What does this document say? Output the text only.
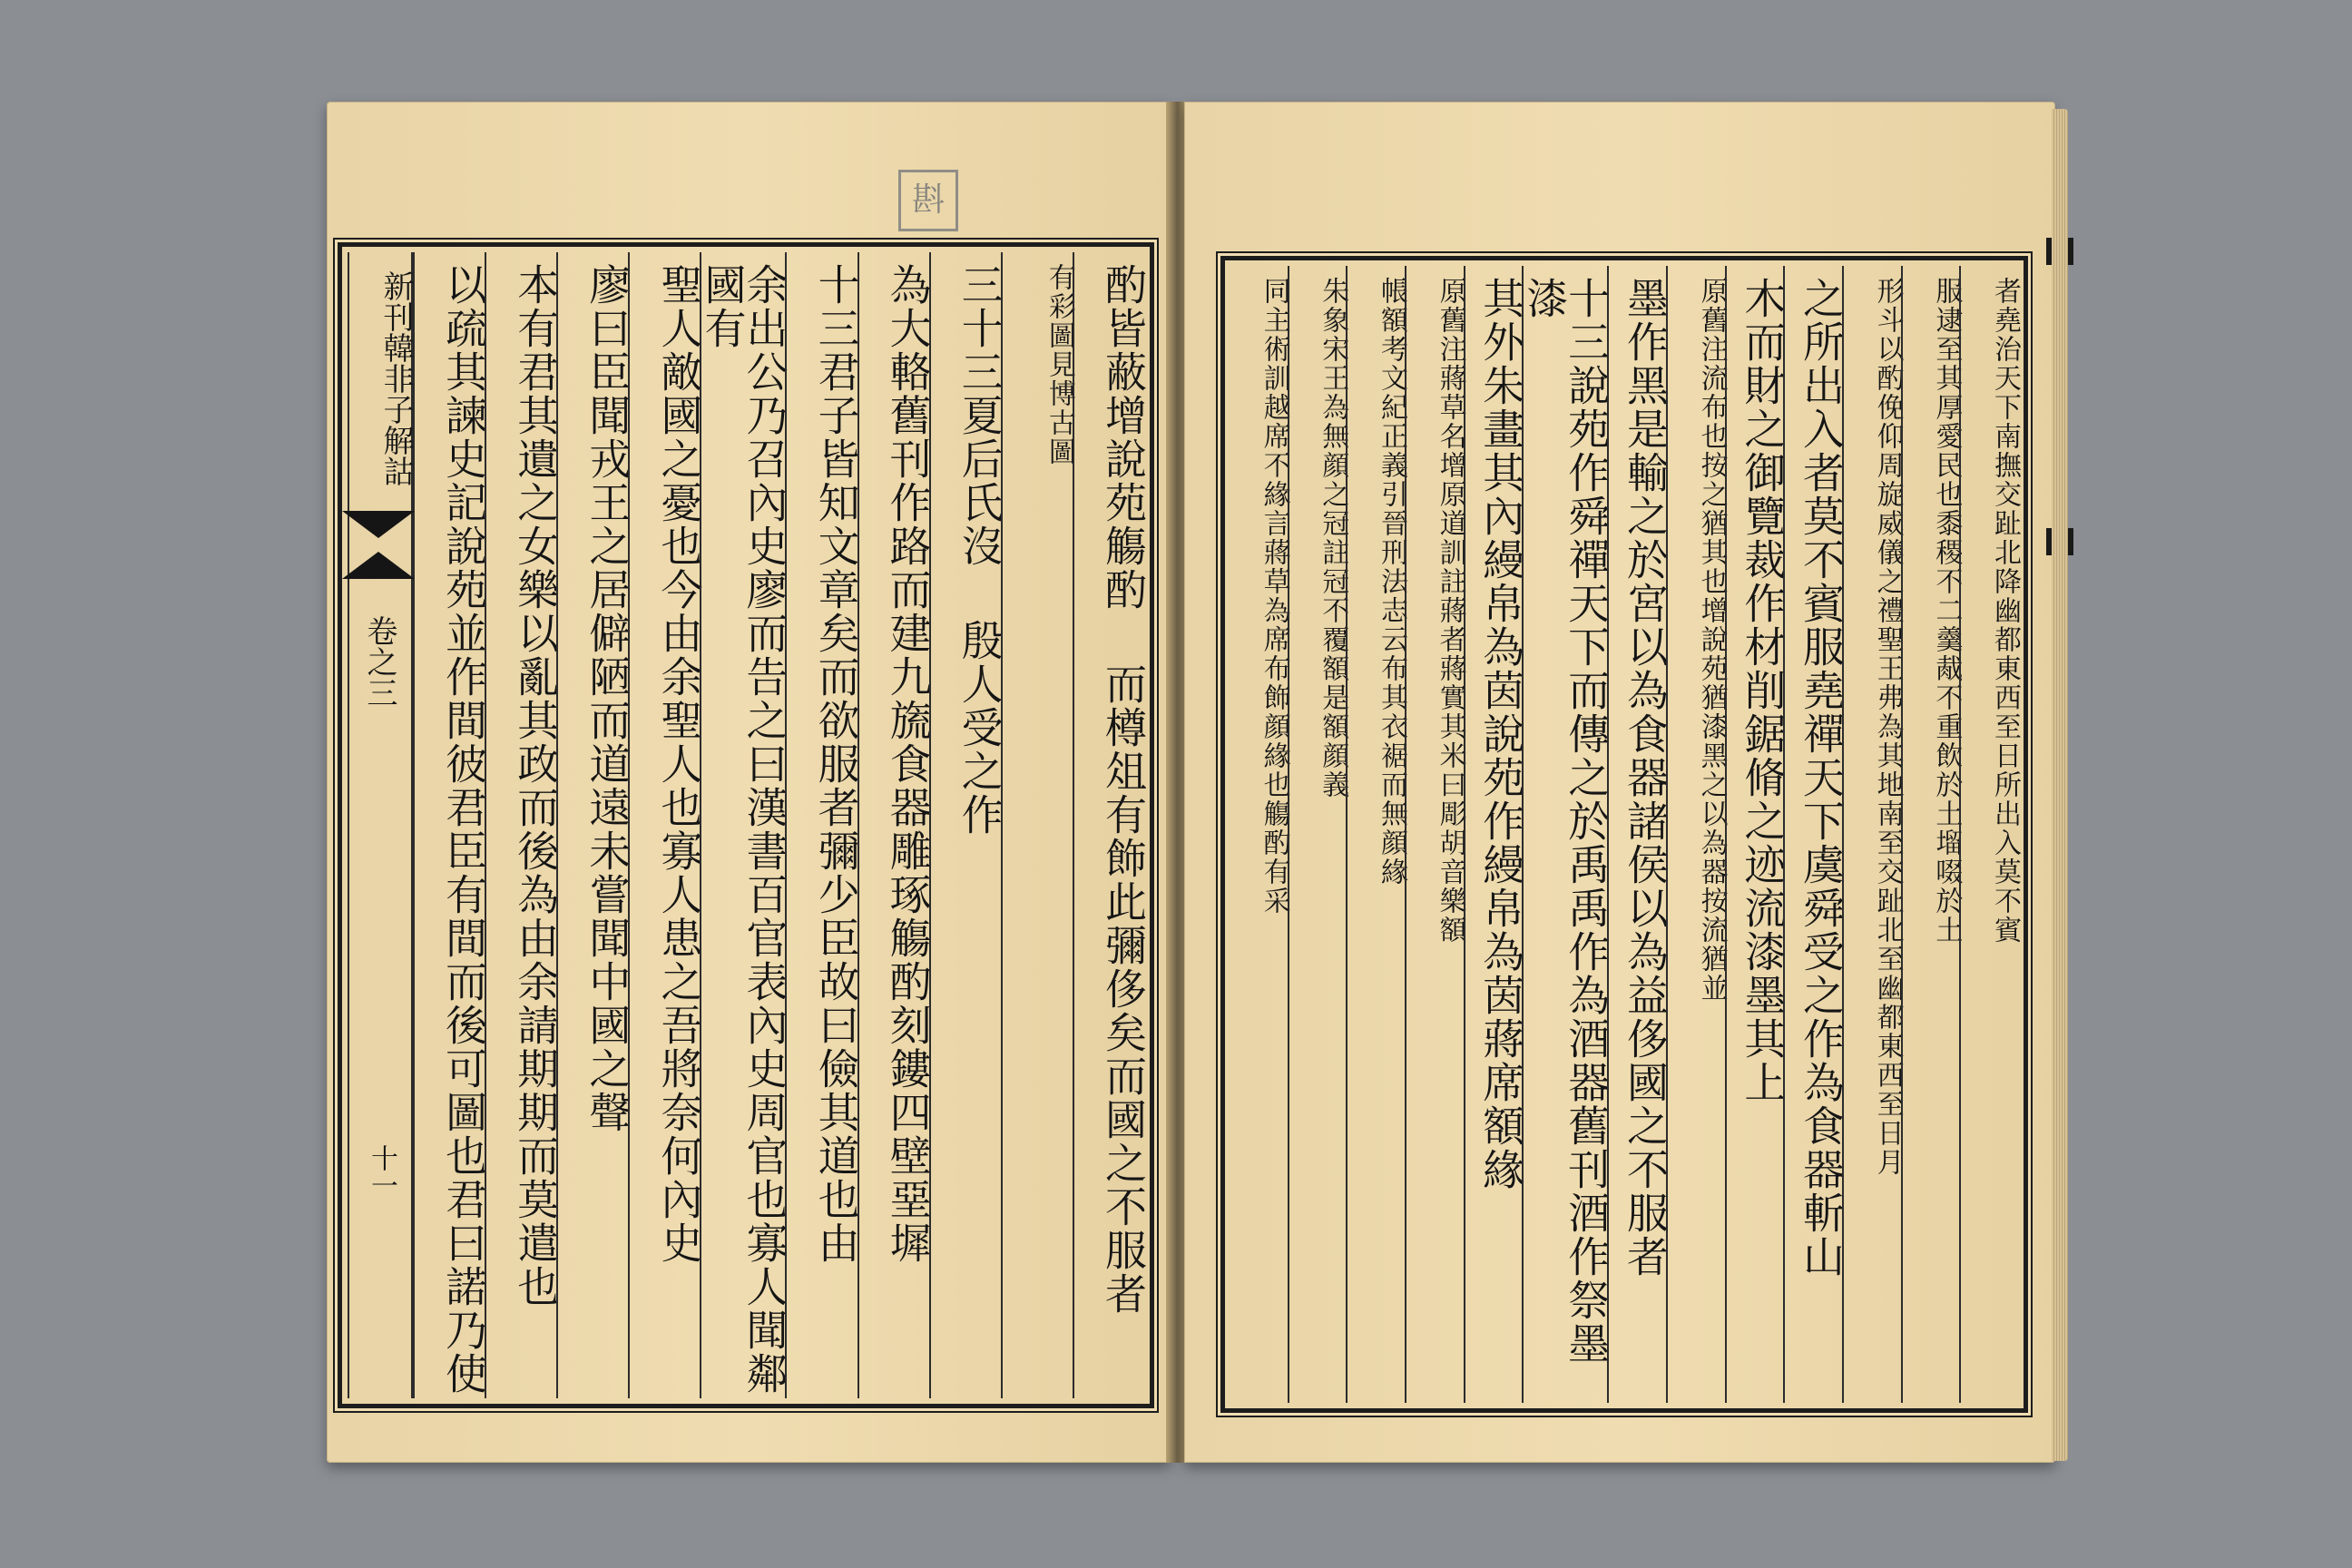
斟
酌皆蔽增說苑觴酌 而樽俎有飾此彌侈矣而國之不服者
有彩圖見博古圖
三十三夏后氏沒 殷人受之作
為大輅舊刊作路而建九旒食器雕琢觴酌刻鏤四壁堊墀
十三君子皆知文章矣而欲服者彌少臣故曰儉其道也由
余出公乃召內史廖而告之曰漢書百官表內史周官也寡人聞鄰國有
聖人敵國之憂也今由余聖人也寡人患之吾將奈何內史
廖曰臣聞戎王之居僻陋而道遠未嘗聞中國之聲
本有君其遺之女樂以亂其政而後為由余請期期而莫遣也
以疏其諫史記說苑並作間彼君臣有間而後可圖也君曰諾乃使
新刊韓非子解詁
卷之三
十一
者堯治天下南撫交趾北降幽都東西至日所出入莫不賓
服逮至其厚愛民也黍稷不二羹胾不重飲於土塯啜於土
形斗以酌俛仰周旋威儀之禮聖王弗為其地南至交趾北至幽都東西至日月
之所出入者莫不賓服堯禪天下虞舜受之作為食器斬山
木而財之御覽裁作材削鋸脩之迹流漆墨其上
原舊注流布也按之猶其也增說苑猶漆黑之以為器按流猶並
墨作黑是輸之於宮以為食器諸侯以為益侈國之不服者
十三說苑作舜禪天下而傳之於禹禹作為酒器舊刊酒作祭墨漆
其外朱畫其內縵帛為茵說苑作縵帛為茵蔣席額緣
原舊注蔣草名增原道訓註蔣者蔣實其米曰彫胡音樂額
帳額考文紀正義引晉刑法志云布其衣裾而無顔緣
朱象宋王為無顔之冠註冠不覆額是額顔義
同主術訓越席不緣言蔣草為席布飾顔緣也觴酌有采
